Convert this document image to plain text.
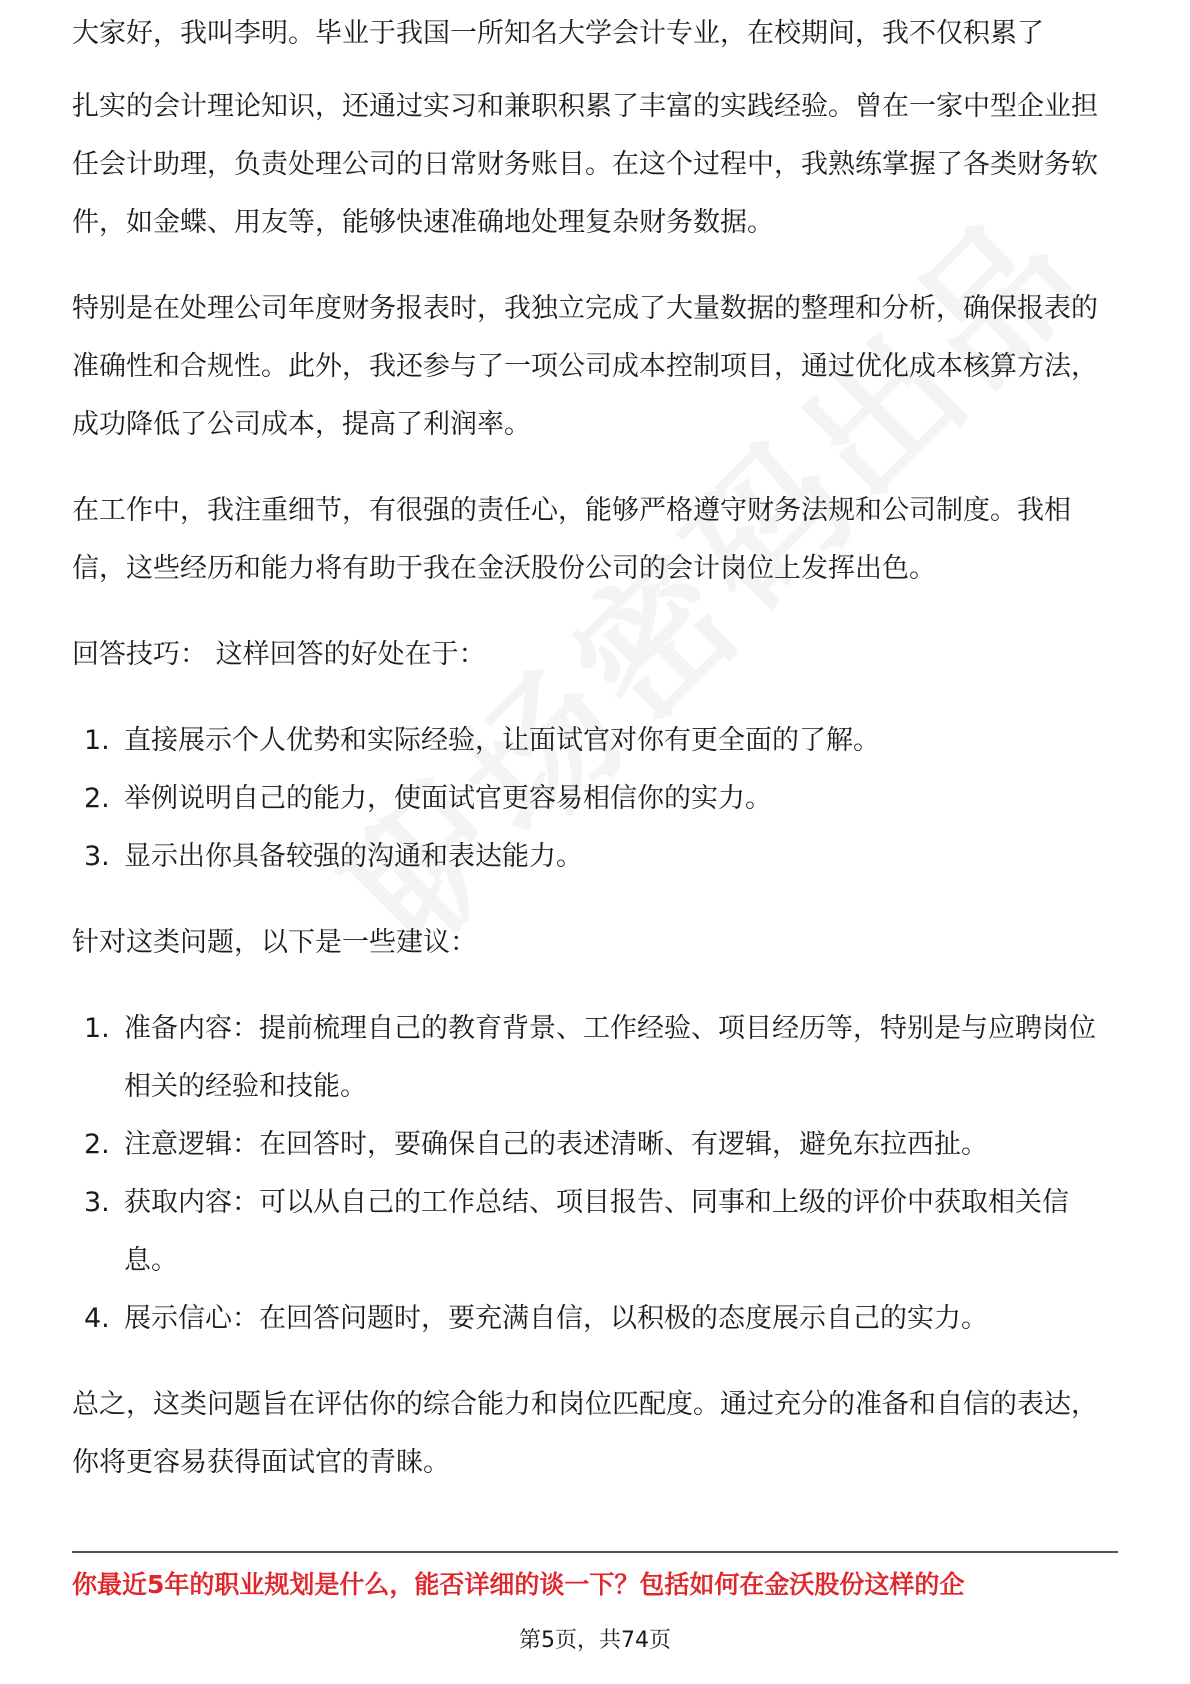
大家好，我叫李明。毕业于我国一所知名大学会计专业，在校期间，我不仅积累了

扎实的会计理论知识，还通过实习和兼职积累了丰富的实践经验。曾在一家中型企业担任会计助理，负责处理公司的日常财务账目。在这个过程中，我熟练掌握了各类财务软件，如金蝶、用友等，能够快速准确地处理复杂财务数据。

特别是在处理公司年度财务报表时，我独立完成了大量数据的整理和分析，确保报表的准确性和合规性。此外，我还参与了一项公司成本控制项目，通过优化成本核算方法，成功降低了公司成本，提高了利润率。

在工作中，我注重细节，有很强的责任心，能够严格遵守财务法规和公司制度。我相信，这些经历和能力将有助于我在金沃股份公司的会计岗位上发挥出色。

回答技巧： 这样回答的好处在于：

1. 直接展示个人优势和实际经验，让面试官对你有更全面的了解。
2. 举例说明自己的能力，使面试官更容易相信你的实力。
3. 显示出你具备较强的沟通和表达能力。

针对这类问题，以下是一些建议：

1. 准备内容：提前梳理自己的教育背景、工作经验、项目经历等，特别是与应聘岗位相关的经验和技能。
2. 注意逻辑：在回答时，要确保自己的表述清晰、有逻辑，避免东拉西扯。
3. 获取内容：可以从自己的工作总结、项目报告、同事和上级的评价中获取相关信息。
4. 展示信心：在回答问题时，要充满自信，以积极的态度展示自己的实力。

总之，这类问题旨在评估你的综合能力和岗位匹配度。通过充分的准备和自信的表达，你将更容易获得面试官的青睐。

你最近5年的职业规划是什么，能否详细的谈一下？包括如何在金沃股份这样的企
第5页，共74页
